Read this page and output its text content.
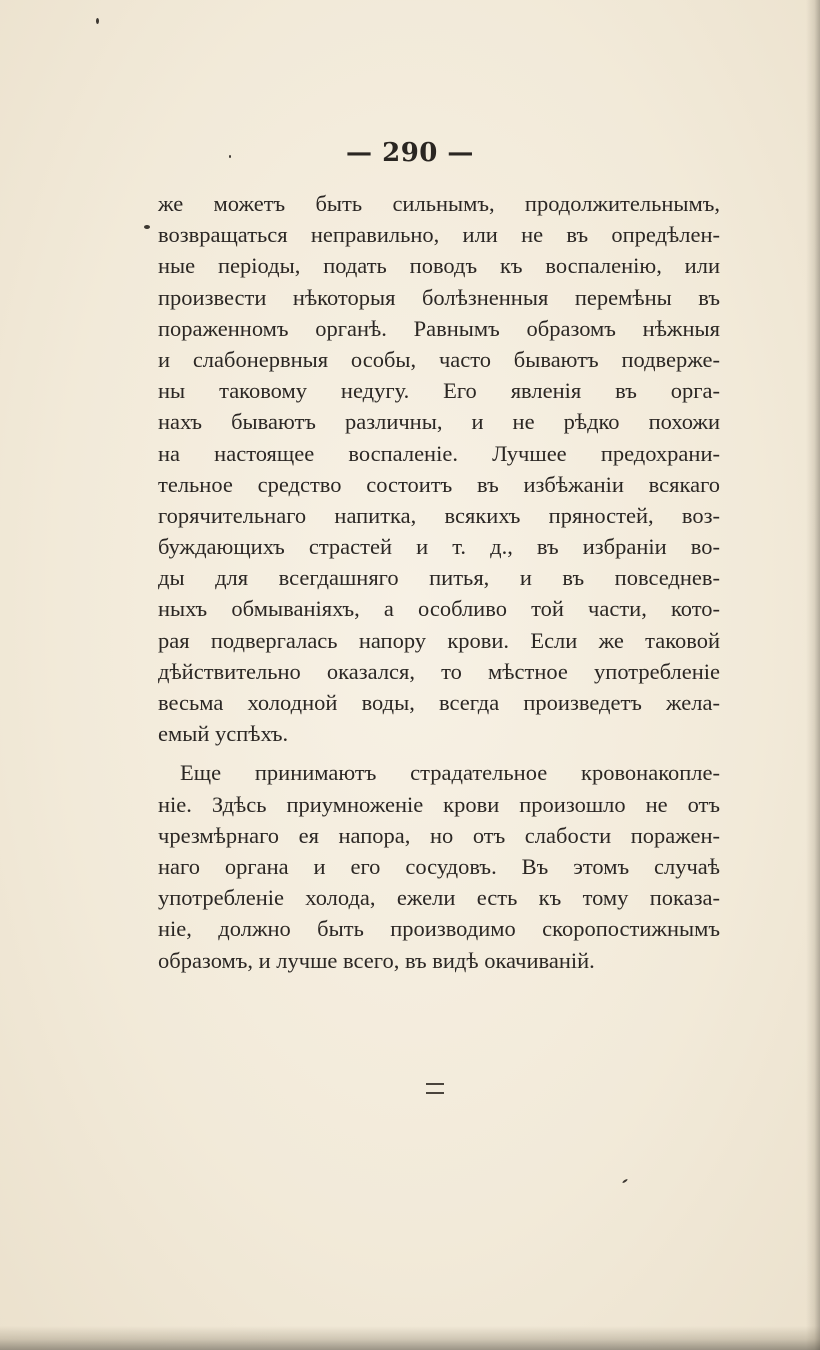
— 290 —
же можетъ быть сильнымъ, продолжительнымъ,
возвращаться неправильно, или не въ опредѣлен-
ные періоды, подать поводъ къ воспаленію, или
произвести нѣкоторыя болѣзненныя перемѣны въ
пораженномъ органѣ. Равнымъ образомъ нѣжныя
и слабонервныя особы, часто бываютъ подверже-
ны таковому недугу. Его явленія въ орга-
нахъ бываютъ различны, и не рѣдко похожи
на настоящее воспаленіе. Лучшее предохрани-
тельное средство состоитъ въ избѣжаніи всякаго
горячительнаго напитка, всякихъ пряностей, воз-
буждающихъ страстей и т. д., въ избраніи во-
ды для всегдашняго питья, и въ повседнев-
ныхъ обмываніяхъ, а особливо той части, кото-
рая подвергалась напору крови. Если же таковой
дѣйствительно оказался, то мѣстное употребленіе
весьма холодной воды, всегда произведетъ жела-
емый успѣхъ.
Еще принимаютъ страдательное кровонакопле-
ніе. Здѣсь приумноженіе крови произошло не отъ
чрезмѣрнаго ея напора, но отъ слабости поражен-
наго органа и его сосудовъ. Въ этомъ случаѣ
употребленіе холода, ежели есть къ тому показа-
ніе, должно быть производимо скоропостижнымъ
образомъ, и лучше всего, въ видѣ окачиваній.
